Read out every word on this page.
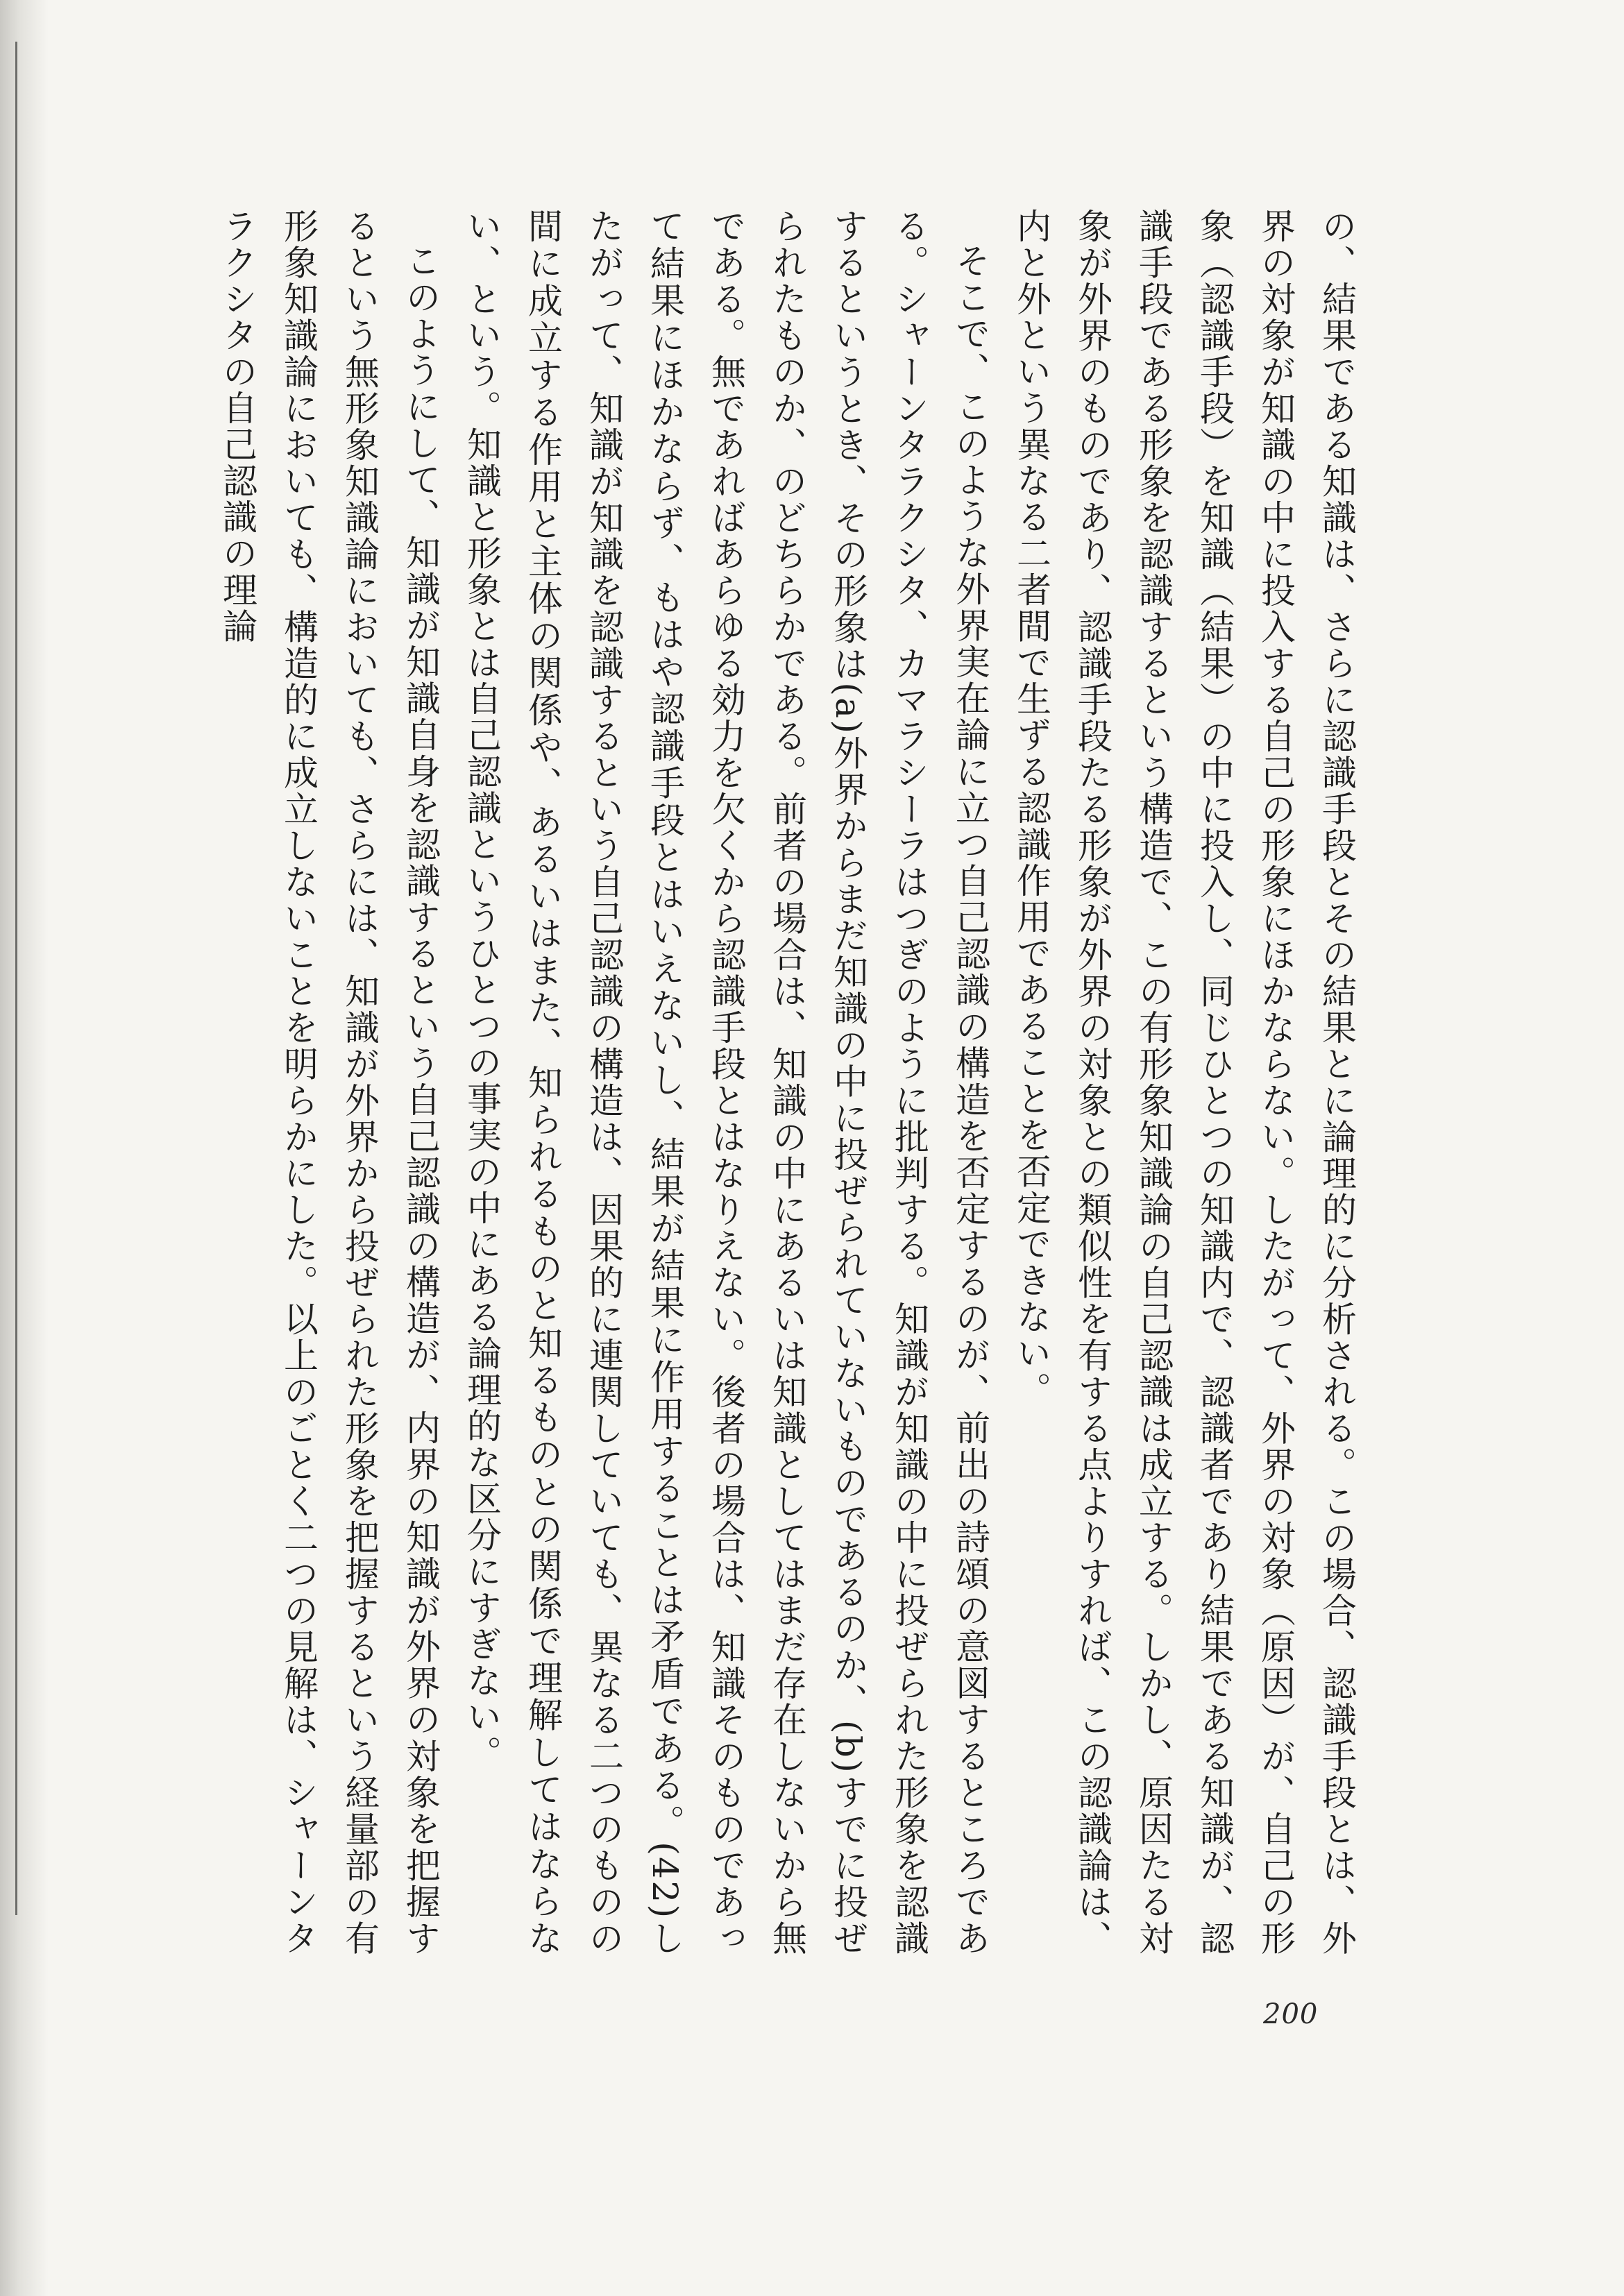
の、結果である知識は、さらに認識手段とその結果とに論理的に分析される。この場合、認識手段とは、外界の対象が知識の中に投入する自己の形象にほかならない。したがって、外界の対象（原因）が、自己の形象（認識手段）を知識（結果）の中に投入し、同じひとつの知識内で、認識者であり結果である知識が、認識手段である形象を認識するという構造で、この有形象知識論の自己認識は成立する。しかし、原因たる対象が外界のものであり、認識手段たる形象が外界の対象との類似性を有する点よりすれば、この認識論は、内と外という異なる二者間で生ずる認識作用であることを否定できない。

そこで、このような外界実在論に立つ自己認識の構造を否定するのが、前出の詩頌の意図するところである。シャーンタラクシタ、カマラシーラはつぎのように批判する。知識が知識の中に投ぜられた形象を認識するというとき、その形象は(a)外界からまだ知識の中に投ぜられていないものであるのか、(b)すでに投ぜられたものか、のどちらかである。前者の場合は、知識の中にあるいは知識としてはまだ存在しないから無である。無であればあらゆる効力を欠くから認識手段とはなりえない。後者の場合は、知識そのものであって結果にほかならず、もはや認識手段とはいえないし、結果が結果に作用することは矛盾である。(42)したがって、知識が知識を認識するという自己認識の構造は、因果的に連関していても、異なる二つのものの間に成立する作用と主体の関係や、あるいはまた、知られるものと知るものとの関係で理解してはならない、という。知識と形象とは自己認識というひとつの事実の中にある論理的な区分にすぎない。

このようにして、知識が知識自身を認識するという自己認識の構造が、内界の知識が外界の対象を把握するという無形象知識論においても、さらには、知識が外界から投ぜられた形象を把握するという経量部の有形象知識論においても、構造的に成立しないことを明らかにした。以上のごとく二つの見解は、シャーンタラクシタの自己認識の理論

200
